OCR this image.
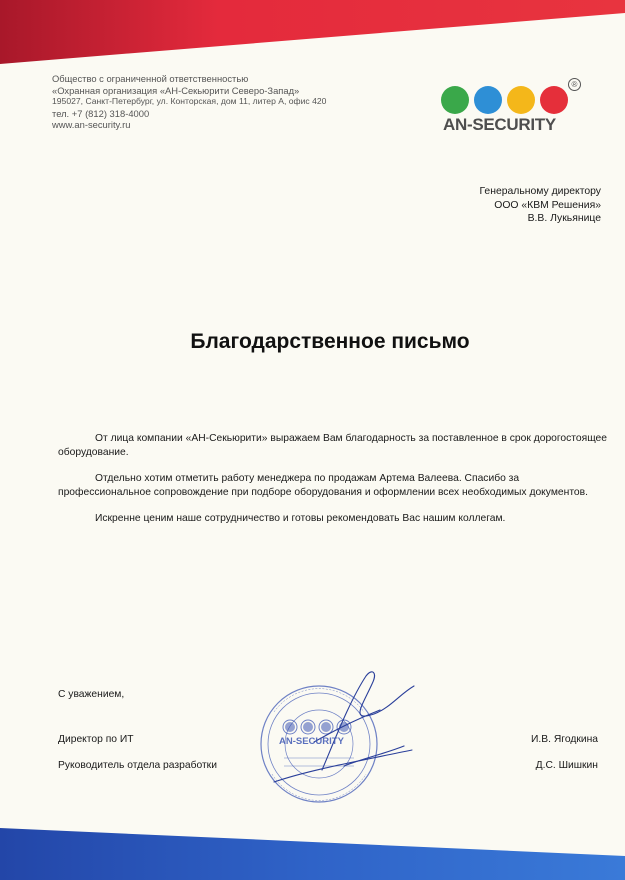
Общество с ограниченной ответственностью
«Охранная организация «АН-Секьюрити Северо-Запад»
195027, Санкт-Петербург, ул. Конторская, дом 11, литер А, офис 420
тел. +7 (812) 318-4000
www.an-security.ru	AN-SECURITY
®
Генеральному директору
ООО «КВМ Решения»
В.В. Лукьянице
Благодарственное письмо

От лица компании «АН-Секьюрити» выражаем Вам благодарность за поставленное в срок дорогостоящее оборудование.

Отдельно хотим отметить работу менеджера по продажам Артема Валеева. Спасибо за профессиональное сопровождение при подборе оборудования и оформлении всех необходимых документов.

Искренне ценим наше сотрудничество и готовы рекомендовать Вас нашим коллегам.

С уважением,
Директор по ИТ
Руководитель отдела разработки
И.В. Ягодкина
Д.С. Шишкин
AN-SECURITY
